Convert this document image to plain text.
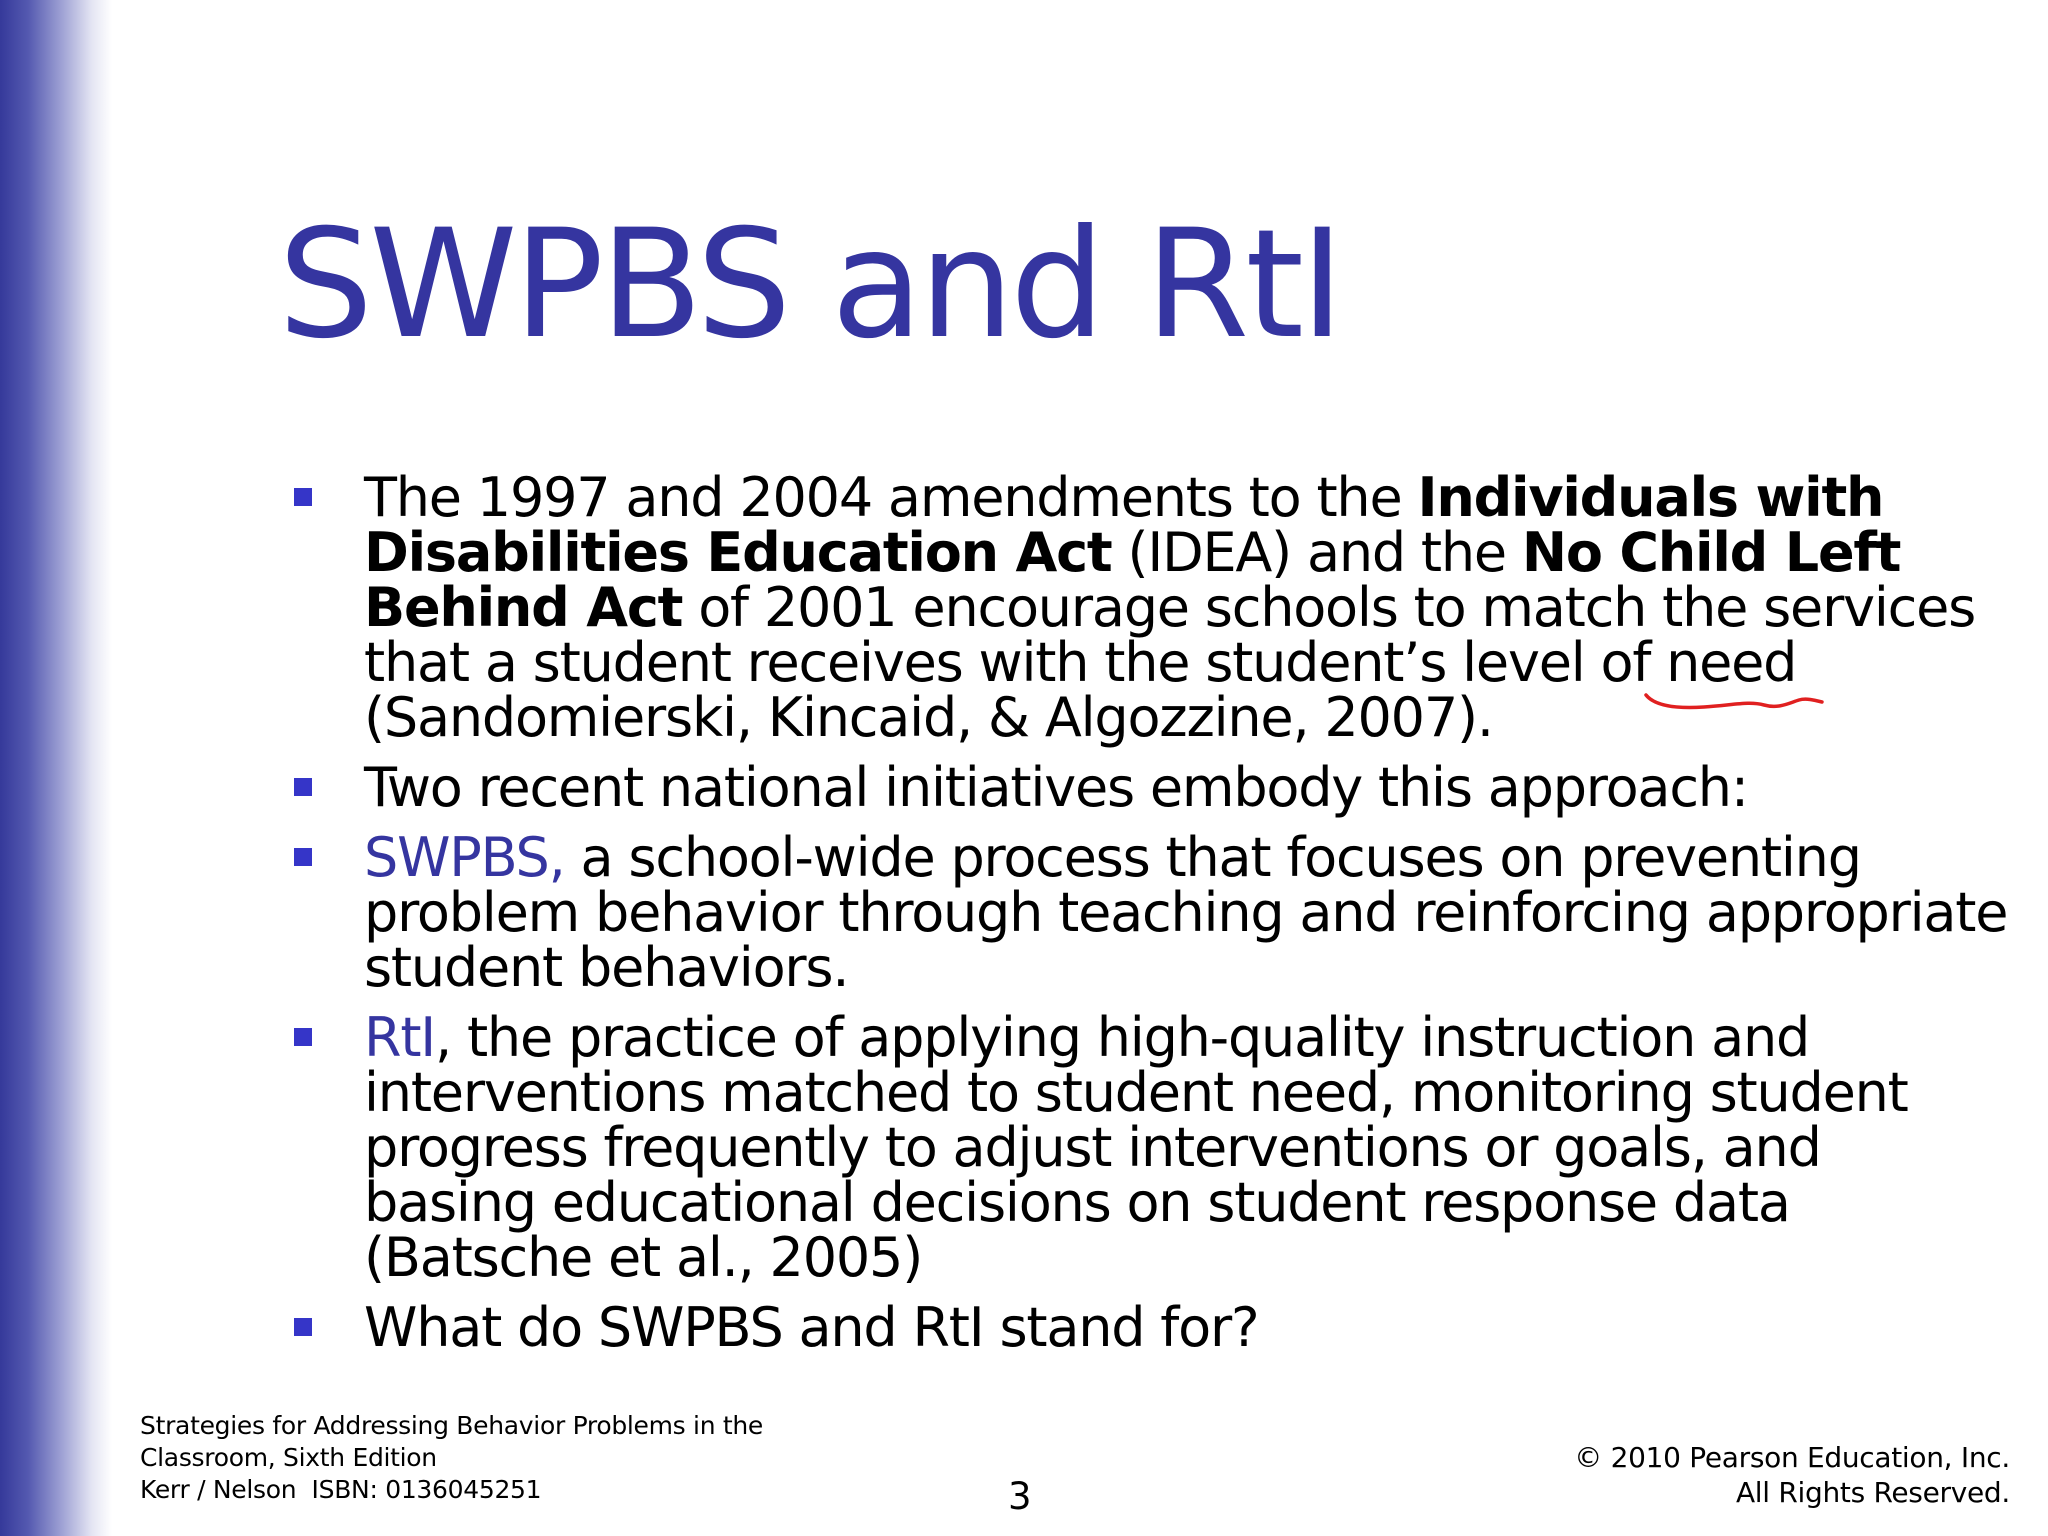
SWPBS and RtI
The 1997 and 2004 amendments to the Individuals with Disabilities Education Act (IDEA) and the No Child Left Behind Act of 2001 encourage schools to match the services that a student receives with the student’s level of need
(Sandomierski, Kincaid, & Algozzine, 2007).
Two recent national initiatives embody this approach:
SWPBS, a school-wide process that focuses on preventing problem behavior through teaching and reinforcing appropriate student behaviors.
RtI, the practice of applying high-quality instruction and interventions matched to student need, monitoring student progress frequently to adjust interventions or goals, and basing educational decisions on student response data (Batsche et al., 2005)
What do SWPBS and RtI stand for?
Strategies for Addressing Behavior Problems in the
Classroom, Sixth Edition
Kerr / Nelson  ISBN: 0136045251	3
© 2010 Pearson Education, Inc.
All Rights Reserved.
